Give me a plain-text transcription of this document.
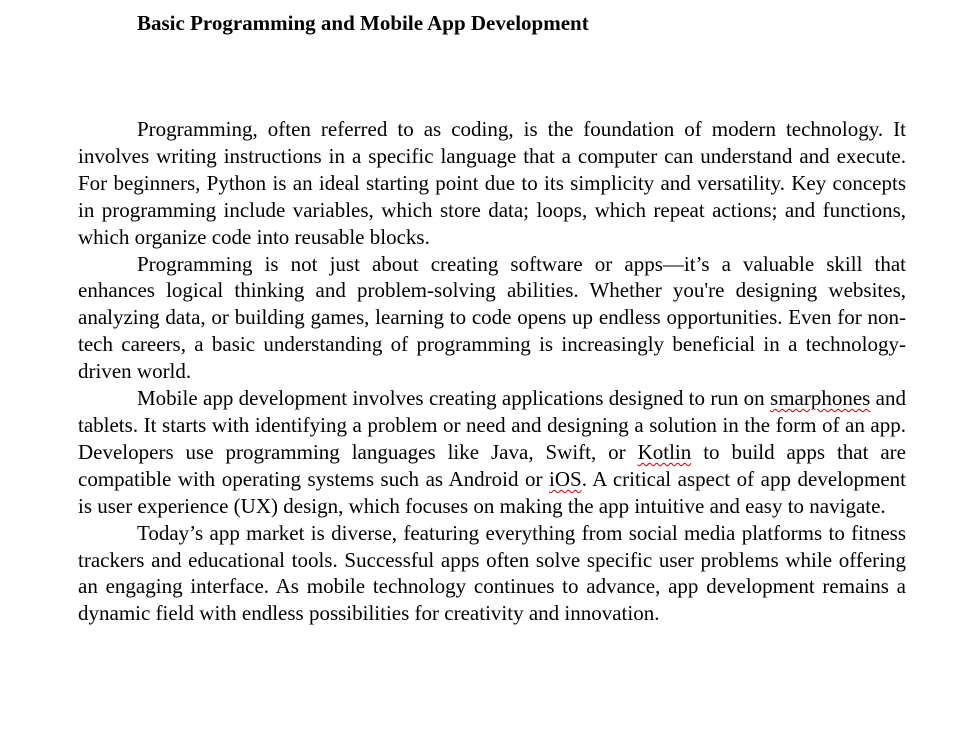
Basic Programming and Mobile App Development

Programming, often referred to as coding, is the foundation of modern technology. It involves writing instructions in a specific language that a computer can understand and execute. For beginners, Python is an ideal starting point due to its simplicity and versatility. Key concepts in programming include variables, which store data; loops, which repeat actions; and functions, which organize code into reusable blocks.

Programming is not just about creating software or apps—it’s a valuable skill that enhances logical thinking and problem-solving abilities. Whether you're designing websites, analyzing data, or building games, learning to code opens up endless opportunities. Even for non-tech careers, a basic understanding of programming is increasingly beneficial in a technology-driven world.

Mobile app development involves creating applications designed to run on smarphones and tablets. It starts with identifying a problem or need and designing a solution in the form of an app. Developers use programming languages like Java, Swift, or Kotlin to build apps that are compatible with operating systems such as Android or iOS. A critical aspect of app development is user experience (UX) design, which focuses on making the app intuitive and easy to navigate.

Today’s app market is diverse, featuring everything from social media platforms to fitness trackers and educational tools. Successful apps often solve specific user problems while offering an engaging interface. As mobile technology continues to advance, app development remains a dynamic field with endless possibilities for creativity and innovation.
